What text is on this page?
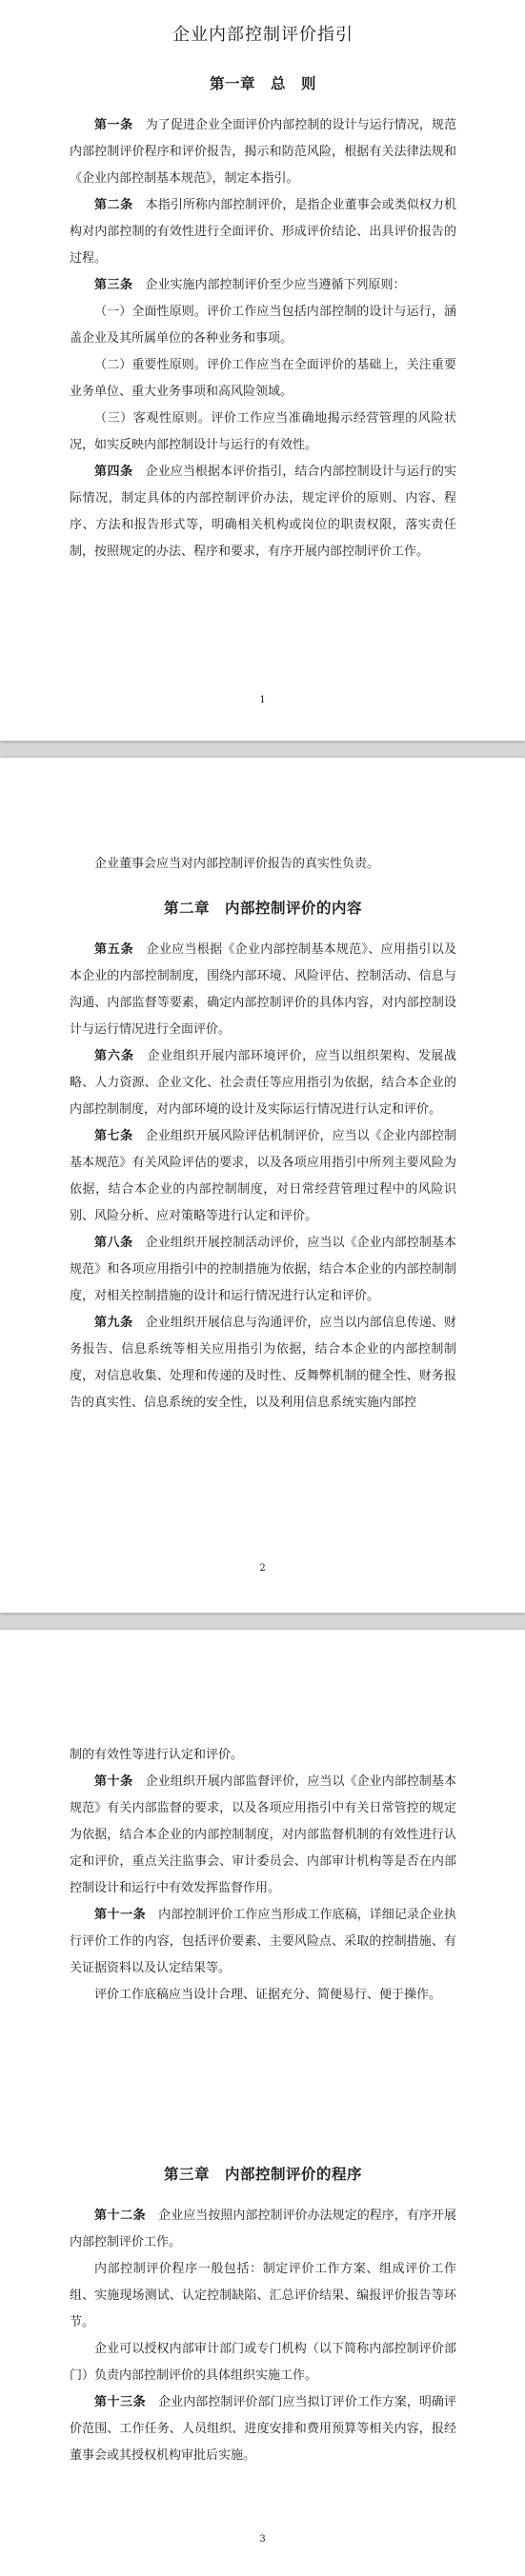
企业内部控制评价指引
第一章　总　则

第一条　为了促进企业全面评价内部控制的设计与运行情况，规范内部控制评价程序和评价报告，揭示和防范风险，根据有关法律法规和《企业内部控制基本规范》，制定本指引。

第二条　本指引所称内部控制评价，是指企业董事会或类似权力机构对内部控制的有效性进行全面评价、形成评价结论、出具评价报告的过程。

第三条　企业实施内部控制评价至少应当遵循下列原则：

（一）全面性原则。评价工作应当包括内部控制的设计与运行，涵盖企业及其所属单位的各种业务和事项。

（二）重要性原则。评价工作应当在全面评价的基础上，关注重要业务单位、重大业务事项和高风险领域。

（三）客观性原则。评价工作应当准确地揭示经营管理的风险状况，如实反映内部控制设计与运行的有效性。

第四条　企业应当根据本评价指引，结合内部控制设计与运行的实际情况，制定具体的内部控制评价办法，规定评价的原则、内容、程序、方法和报告形式等，明确相关机构或岗位的职责权限，落实责任制，按照规定的办法、程序和要求，有序开展内部控制评价工作。

1

企业董事会应当对内部控制评价报告的真实性负责。

第二章　内部控制评价的内容

第五条　企业应当根据《企业内部控制基本规范》、应用指引以及本企业的内部控制制度，围绕内部环境、风险评估、控制活动、信息与沟通、内部监督等要素，确定内部控制评价的具体内容，对内部控制设计与运行情况进行全面评价。

第六条　企业组织开展内部环境评价，应当以组织架构、发展战略、人力资源、企业文化、社会责任等应用指引为依据，结合本企业的内部控制制度，对内部环境的设计及实际运行情况进行认定和评价。

第七条　企业组织开展风险评估机制评价，应当以《企业内部控制基本规范》有关风险评估的要求，以及各项应用指引中所列主要风险为依据，结合本企业的内部控制制度，对日常经营管理过程中的风险识别、风险分析、应对策略等进行认定和评价。

第八条　企业组织开展控制活动评价，应当以《企业内部控制基本规范》和各项应用指引中的控制措施为依据，结合本企业的内部控制制度，对相关控制措施的设计和运行情况进行认定和评价。

第九条　企业组织开展信息与沟通评价，应当以内部信息传递、财务报告、信息系统等相关应用指引为依据，结合本企业的内部控制制度，对信息收集、处理和传递的及时性、反舞弊机制的健全性、财务报告的真实性、信息系统的安全性，以及利用信息系统实施内部控

2

制的有效性等进行认定和评价。

第十条　企业组织开展内部监督评价，应当以《企业内部控制基本规范》有关内部监督的要求，以及各项应用指引中有关日常管控的规定为依据，结合本企业的内部控制制度，对内部监督机制的有效性进行认定和评价，重点关注监事会、审计委员会、内部审计机构等是否在内部控制设计和运行中有效发挥监督作用。

第十一条　内部控制评价工作应当形成工作底稿，详细记录企业执行评价工作的内容，包括评价要素、主要风险点、采取的控制措施、有关证据资料以及认定结果等。

评价工作底稿应当设计合理、证据充分、简便易行、便于操作。

第三章　内部控制评价的程序

第十二条　企业应当按照内部控制评价办法规定的程序，有序开展内部控制评价工作。

内部控制评价程序一般包括：制定评价工作方案、组成评价工作组、实施现场测试、认定控制缺陷、汇总评价结果、编报评价报告等环节。

企业可以授权内部审计部门或专门机构（以下简称内部控制评价部门）负责内部控制评价的具体组织实施工作。

第十三条　企业内部控制评价部门应当拟订评价工作方案，明确评价范围、工作任务、人员组织、进度安排和费用预算等相关内容，报经董事会或其授权机构审批后实施。

3
